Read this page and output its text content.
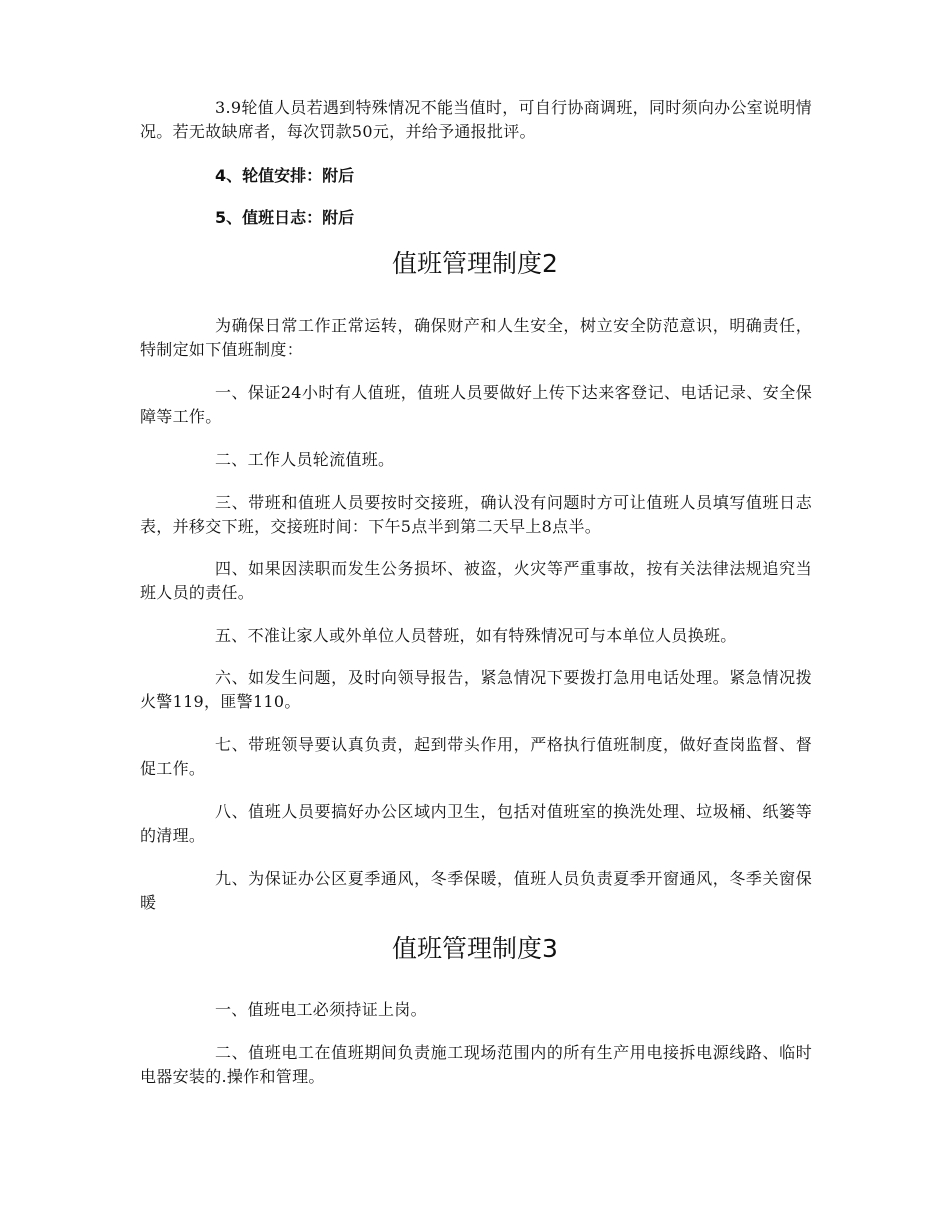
3.9轮值人员若遇到特殊情况不能当值时，可自行协商调班，同时须向办公室说明情况。若无故缺席者，每次罚款50元，并给予通报批评。

4、轮值安排：附后

5、值班日志：附后

值班管理制度2

为确保日常工作正常运转，确保财产和人生安全，树立安全防范意识，明确责任，特制定如下值班制度：

一、保证24小时有人值班，值班人员要做好上传下达来客登记、电话记录、安全保障等工作。

二、工作人员轮流值班。

三、带班和值班人员要按时交接班，确认没有问题时方可让值班人员填写值班日志表，并移交下班，交接班时间：下午5点半到第二天早上8点半。

四、如果因渎职而发生公务损坏、被盗，火灾等严重事故，按有关法律法规追究当班人员的责任。

五、不准让家人或外单位人员替班，如有特殊情况可与本单位人员换班。

六、如发生问题，及时向领导报告，紧急情况下要拨打急用电话处理。紧急情况拨火警119，匪警110。

七、带班领导要认真负责，起到带头作用，严格执行值班制度，做好查岗监督、督促工作。

八、值班人员要搞好办公区域内卫生，包括对值班室的换洗处理、垃圾桶、纸篓等的清理。

九、为保证办公区夏季通风，冬季保暖，值班人员负责夏季开窗通风，冬季关窗保暖

值班管理制度3

一、值班电工必须持证上岗。

二、值班电工在值班期间负责施工现场范围内的所有生产用电接拆电源线路、临时电器安装的.操作和管理。
